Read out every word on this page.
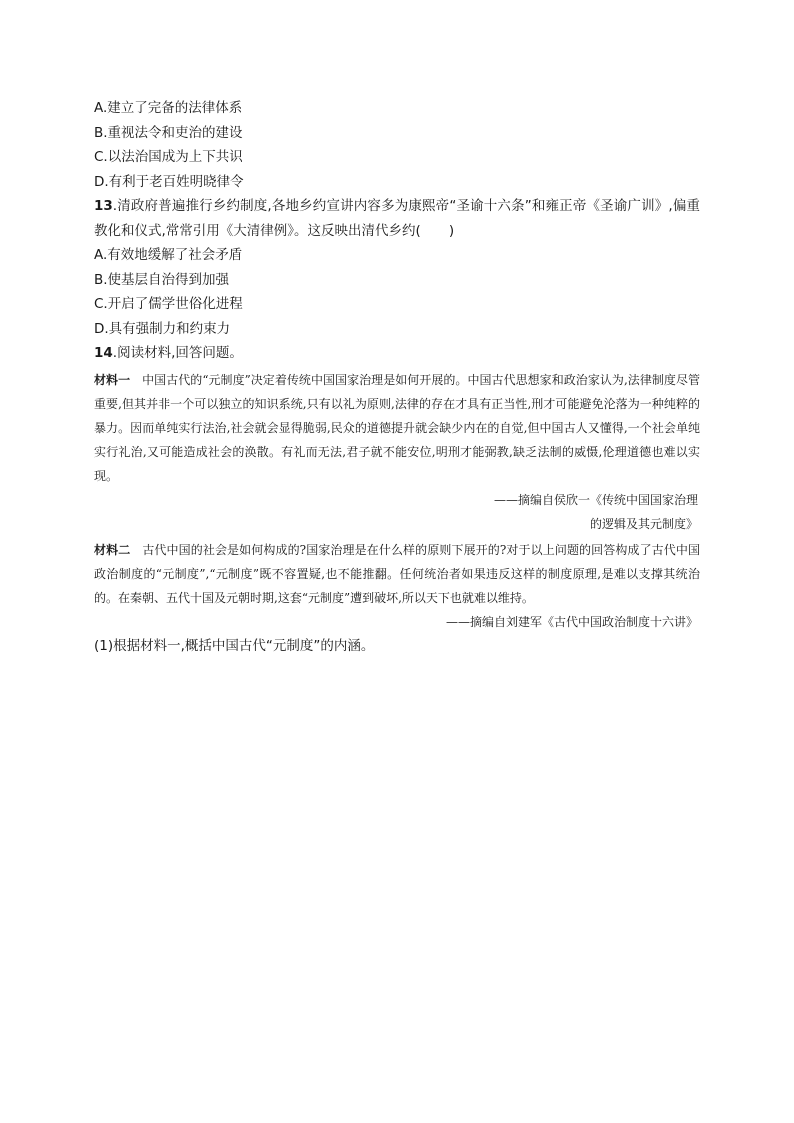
A.建立了完备的法律体系
B.重视法令和吏治的建设
C.以法治国成为上下共识
D.有利于老百姓明晓律令
13.清政府普遍推行乡约制度,各地乡约宣讲内容多为康熙帝“圣谕十六条”和雍正帝《圣谕广训》,偏重教化和仪式,常常引用《大清律例》。这反映出清代乡约( )
A.有效地缓解了社会矛盾
B.使基层自治得到加强
C.开启了儒学世俗化进程
D.具有强制力和约束力
14.阅读材料,回答问题。
材料一 中国古代的“元制度”决定着传统中国国家治理是如何开展的。中国古代思想家和政治家认为,法律制度尽管重要,但其并非一个可以独立的知识系统,只有以礼为原则,法律的存在才具有正当性,刑才可能避免沦落为一种纯粹的暴力。因而单纯实行法治,社会就会显得脆弱,民众的道德提升就会缺少内在的自觉,但中国古人又懂得,一个社会单纯实行礼治,又可能造成社会的涣散。有礼而无法,君子就不能安位,明刑才能弼教,缺乏法制的威慑,伦理道德也难以实现。
——摘编自侯欣一《传统中国国家治理
的逻辑及其元制度》
材料二 古代中国的社会是如何构成的?国家治理是在什么样的原则下展开的?对于以上问题的回答构成了古代中国政治制度的“元制度”,“元制度”既不容置疑,也不能推翻。任何统治者如果违反这样的制度原理,是难以支撑其统治的。在秦朝、五代十国及元朝时期,这套“元制度”遭到破坏,所以天下也就难以维持。
——摘编自刘建军《古代中国政治制度十六讲》
(1)根据材料一,概括中国古代“元制度”的内涵。
